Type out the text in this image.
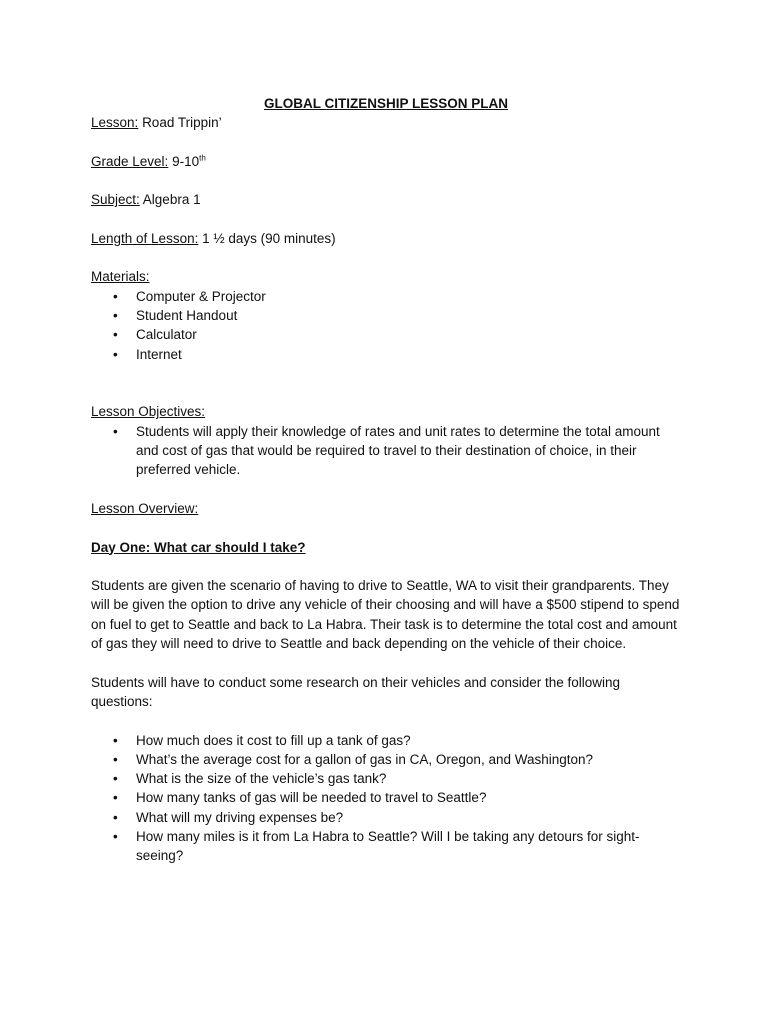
GLOBAL CITIZENSHIP LESSON PLAN

Lesson: Road Trippin’

Grade Level: 9-10th

Subject: Algebra 1

Length of Lesson: 1 ½ days (90 minutes)

Materials:

• Computer & Projector
• Student Handout
• Calculator
• Internet

Lesson Objectives:

• Students will apply their knowledge of rates and unit rates to determine the total amount and cost of gas that would be required to travel to their destination of choice, in their preferred vehicle.

Lesson Overview:

Day One: What car should I take?

Students are given the scenario of having to drive to Seattle, WA to visit their grandparents. They will be given the option to drive any vehicle of their choosing and will have a $500 stipend to spend on fuel to get to Seattle and back to La Habra. Their task is to determine the total cost and amount of gas they will need to drive to Seattle and back depending on the vehicle of their choice.

Students will have to conduct some research on their vehicles and consider the following questions:

• How much does it cost to fill up a tank of gas?
• What’s the average cost for a gallon of gas in CA, Oregon, and Washington?
• What is the size of the vehicle’s gas tank?
• How many tanks of gas will be needed to travel to Seattle?
• What will my driving expenses be?
• How many miles is it from La Habra to Seattle? Will I be taking any detours for sight-seeing?
